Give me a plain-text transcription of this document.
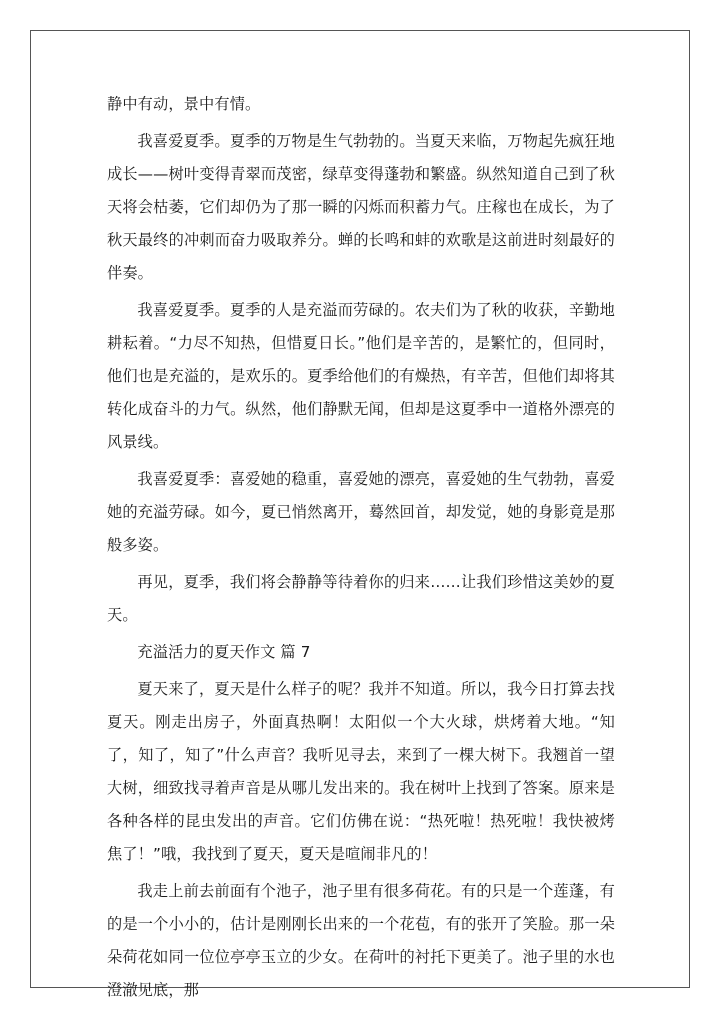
静中有动，景中有情。

我喜爱夏季。夏季的万物是生气勃勃的。当夏天来临，万物起先疯狂地成长——树叶变得青翠而茂密，绿草变得蓬勃和繁盛。纵然知道自己到了秋天将会枯萎，它们却仍为了那一瞬的闪烁而积蓄力气。庄稼也在成长，为了秋天最终的冲刺而奋力吸取养分。蝉的长鸣和蚌的欢歌是这前进时刻最好的伴奏。

我喜爱夏季。夏季的人是充溢而劳碌的。农夫们为了秋的收获，辛勤地耕耘着。“力尽不知热，但惜夏日长。”他们是辛苦的，是繁忙的，但同时，他们也是充溢的，是欢乐的。夏季给他们的有燥热，有辛苦，但他们却将其转化成奋斗的力气。纵然，他们静默无闻，但却是这夏季中一道格外漂亮的风景线。

我喜爱夏季：喜爱她的稳重，喜爱她的漂亮，喜爱她的生气勃勃，喜爱她的充溢劳碌。如今，夏已悄然离开，蓦然回首，却发觉，她的身影竟是那般多姿。

再见，夏季，我们将会静静等待着你的归来……让我们珍惜这美妙的夏天。

充溢活力的夏天作文 篇 7

夏天来了，夏天是什么样子的呢？我并不知道。所以，我今日打算去找夏天。刚走出房子，外面真热啊！太阳似一个大火球，烘烤着大地。“知了，知了，知了”什么声音？我听见寻去，来到了一棵大树下。我翘首一望大树，细致找寻着声音是从哪儿发出来的。我在树叶上找到了答案。原来是各种各样的昆虫发出的声音。它们仿佛在说：“热死啦！热死啦！我快被烤焦了！”哦，我找到了夏天，夏天是喧闹非凡的！

我走上前去前面有个池子，池子里有很多荷花。有的只是一个莲蓬，有的是一个小小的，估计是刚刚长出来的一个花苞，有的张开了笑脸。那一朵朵荷花如同一位位亭亭玉立的少女。在荷叶的衬托下更美了。池子里的水也澄澈见底，那
